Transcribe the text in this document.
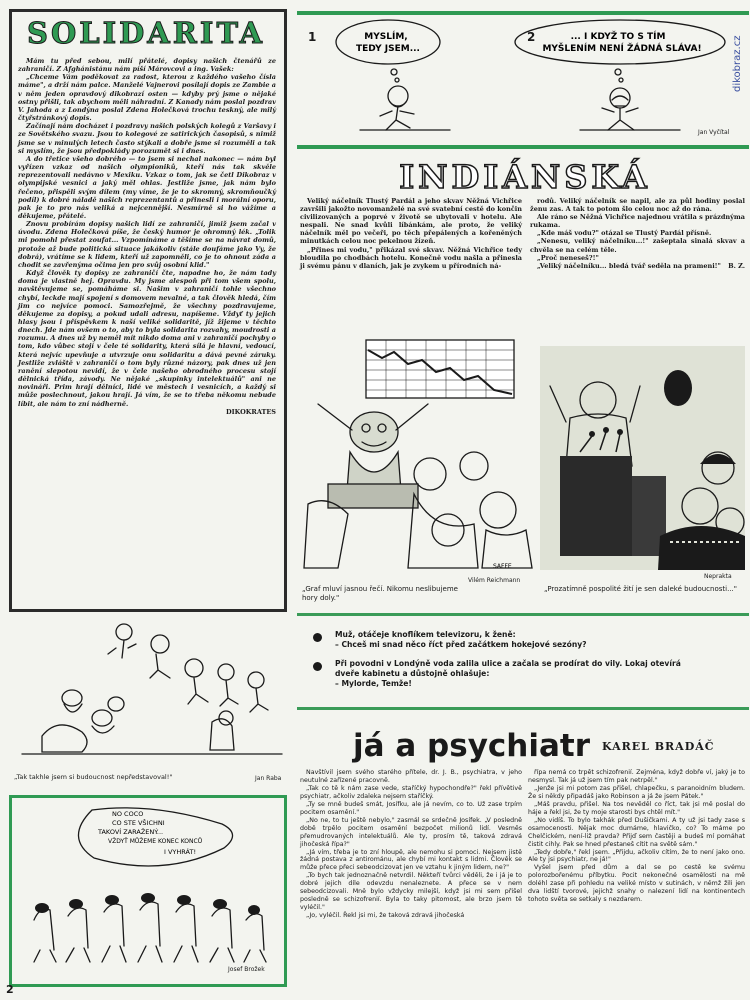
dikobraz.cz
SOLIDARITA

Mám tu před sebou, milí přátelé, dopisy našich čtenářů ze zahraničí. Z Afghánistánu nám píší Márovcovi a ing. Vašek:

„Chceme Vám poděkovat za radost, kterou z každého vašeho čísla máme", a drží nám palce. Manželé Vajnerovi posílají dopis ze Zambie a v něm jeden opravdový dikobrazí osten — kdyby prý jsme o nějaké ostny přišli, tak abychom měli náhradní. Z Kanady nám poslal pozdrav V. Jahoda a z Londýna poslal Zdena Holečková trochu teskný, ale milý čtyřstránkový dopis.

Začínají nám docházet i pozdravy našich polských kolegů z Varšavy i ze Sovětského svazu. Jsou to kolegové ze satirických časopisů, s nimiž jsme se v minulých letech často stýkali a dobře jsme si rozuměli a tak si myslím, že jsou předpoklády porozumět si i dnes.

A do třetice všeho dobrého — to jsem si nechal nakonec — nám byl vyřízen vzkaz od našich olympioniků, kteří nás tak skvěle reprezentovali nedávno v Mexiku. Vzkaz o tom, jak se četl Dikobraz v olympijské vesnici a jaký měl ohlas. Jestliže jsme, jak nám bylo řečeno, přispěli svým dílem (my víme, že je to skromný, skromňoučký podíl) k dobré náladě našich reprezentantů a přinesli i morální oporu, pak je to pro nás veliká a nejcennější. Nesmírně si ho vážíme a děkujeme, přátelé.

Znovu probírám dopisy našich lidí ze zahraničí, jimiž jsem začal v úvodu. Zdena Holečková píše, že český humor je ohromný lék. „Tolik mi pomohl přestat zoufat... Vzpomínáme a těšíme se na návrat domů, protože až bude politická situace jakákoliv (stále doufáme jako Vy, že dobrá), vrátíme se k lidem, kteří už zapomněli, co je to ohnout záda a chodit se zavřenýma očima jen pro svůj osobní klid."

Když člověk ty dopisy ze zahraničí čte, napadne ho, že nám tady doma je vlastně hej. Opravdu. My jsme alespoň při tom všem spolu, navštěvujeme se, pomáháme si. Našim v zahraničí tohle všechno chybí, leckde mají spojení s domovem nevalné, a tak člověk hledá, čím jim co nejvíce pomoci. Samozřejmě, že všechny pozdravujeme, děkujeme za dopisy, a pokud udali adresu, napíšeme. Vždyť ty jejich hlasy jsou i příspěvkem k naší veliké solidaritě, jíž žijeme v těchto dnech. Jde nám ovšem o to, aby to byla solidarita rozvahy, moudrosti a rozumu. A dnes už by neměl mít nikdo doma ani v zahraničí pochyby o tom, kdo vůbec stojí v čele té solidarity, která sílá je hlavní, vedoucí, která nejvíc upevňuje a utvrzuje onu solidaritu a dává pevné záruky. Jestliže zvláště v zahraničí o tom byly různé názory, pak dnes už jen ranění slepotou nevidí, že v čele našeho obrodného procesu stojí dělnická třída, závody. Ne nějaké „skupinky intelektuálů" ani ne novináři. Prim hrají dělníci, lidé ve městech i vesnicích, a každý si může poslechnout, jakou hrají. Já vím, že se to třeba někomu nebude líbit, ale nám to zní nádherně.

DIKOKRATES
1	2
MYSLÍM,
TEDY JSEM...
... I KDYŽ TO S TÍM
MYŠLENÍM NENÍ ŽÁDNÁ SLÁVA!
Jan Vyčítal
INDIÁNSKÁ

Veliký náčelník Tlustý Pardál a jeho skvav Něžná Vichřice završili jakožto novomanželé na své svatební cestě do končin civilizovaných a poprvé v životě se ubytovali v hotelu. Ale nespali. Ne snad kvůli líbánkám, ale proto, že veliký náčelník měl po večeři, po těch přepálených a kořeněných minutkách celou noc pekelnou žízeň.

„Přines mi vodu," přikázal své skvav. Něžná Vichřice tedy bloudila po chodbách hotelu. Konečně vodu našla a přinesla ji svému pánu v dlaních, jak je zvykem u přírodních ná-

rodů. Veliký náčelník se napil, ale za půl hodiny poslal ženu zas. A tak to potom šlo celou noc až do rána.

Ale ráno se Něžná Vichřice najednou vrátila s prázdnýma rukama.

„Kde máš vodu?" otázal se Tlustý Pardál přísně.

„Nenesu, veliký náčelníku...!" zašeptala sinalá skvav a chvěla se na celém těle.

„Proč neneseš?!"

„Veliký náčelníku... bledá tvář seděla na prameni!"	B. Z.
SAFFE
„Graf mluví jasnou řečí. Nikomu neslibujeme hory doly."
Vilém Reichmann
„Prozatímně pospolité žití je sen daleké budoucnosti..."
Neprakta
Muž, otáčeje knoflíkem televizoru, k ženě:
– Chceš mi snad něco říct před začátkem hokejové sezóny?
Při povodni v Londýně voda zalila ulice a začala se prodírat do vily. Lokaj otevírá
dveře kabinetu a důstojně ohlašuje:
– Mylorde, Temže!
„Tak takhle jsem si budoucnost nepředstavoval!"	Jan Raba
NO COCO
CO STE VŠICHNI
TAKOVÍ ZARAŽENÝ...
VŽDYŤ MŮŽEME KONEC KONCŮ
I VYHRÁT!
Josef Brožek
já a psychiatr KAREL BRADÁČ

Navštívil jsem svého starého přítele, dr. J. B., psychiatra, v jeho neutulné zařízené pracovně.

„Tak co tě k nám zase vede, staříčký hypochondře?" řekl přívětivě psychiatr, ačkoliv zdaleka nejsem staříčký.

„Ty se mně budeš smát, Josífku, ale já nevím, co to. Už zase trpím pocitem osamění."

„No ne, to tu ještě nebylo," zasmál se srdečně Josífek. „V posledně době trpělo pocitem osamění bezpočet milionů lidí. Vesměs přemudrovaných intelektuálů. Ale ty, prosím tě, taková zdravá jihočeská řípa?"

„Já vím, třeba je to zní hloupě, ale nemohu si pomoci. Nejsem jistě žádná postava z antirománu, ale chybí mi kontakt s lidmi. Člověk se může přece přeci sebeodcizovat jen ve vztahu k jiným lidem, ne?"

„To bych tak jednoznačně netvrdil. Někteří tvůrci věděli, že i já je to dobré jejich díle odevzdu nenaleznete. A přece se v nem sebeodcizovali. Mně bylo vždycky milejší, když jsi mi sem přišel posledně se schizofrenií. Byla to taky pitomost, ale brzo jsem tě vyléčil."

„Jo, vyléčil. Řekl jsi mi, že taková zdravá jihočeská

řípa nemá co trpět schizofrenií. Zejména, když dobře ví, jaký je to nesmysl. Tak já už jsem tím pak netrpěl."

„Jenže jsi mi potom zas přišel, chlapečku, s paranoidním bludem. Že si někdy připadáš jako Robinson a já že jsem Pátek."

„Máš pravdu, přišel. Na tos nevěděl co říct, tak jsi mě poslal do háje a řekl jsi, že ty moje starosti bys chtěl mít."

„No vidíš. To bylo takhák před Dušičkami. A ty už jsi tady zase s osamocenosti. Nějak moc dumáme, hlavičko, co? To máme po Chelčickém, není-liž pravda? Přijď sem častěji a budeš mí pomáhat čistit cihly. Pak se hned přestaneš cítit na světě sám."

„Tedy dobře," řekl jsem. „Přijdu, ačkoliv cítím, že to není jako ono. Ale ty jsi psychiatr, ne já!"

Vyšel jsem před dům a dal se po cestě ke svému polorozbořenému příbytku. Pocit nekonečné osamělosti na mě doléhl zase při pohledu na veliké místo v sutinách, v němž žili jen dva lidští tvorové, jejichž snahy o nalezení lidí na kontinentech tohoto světa se setkaly s nezdarem.

2
